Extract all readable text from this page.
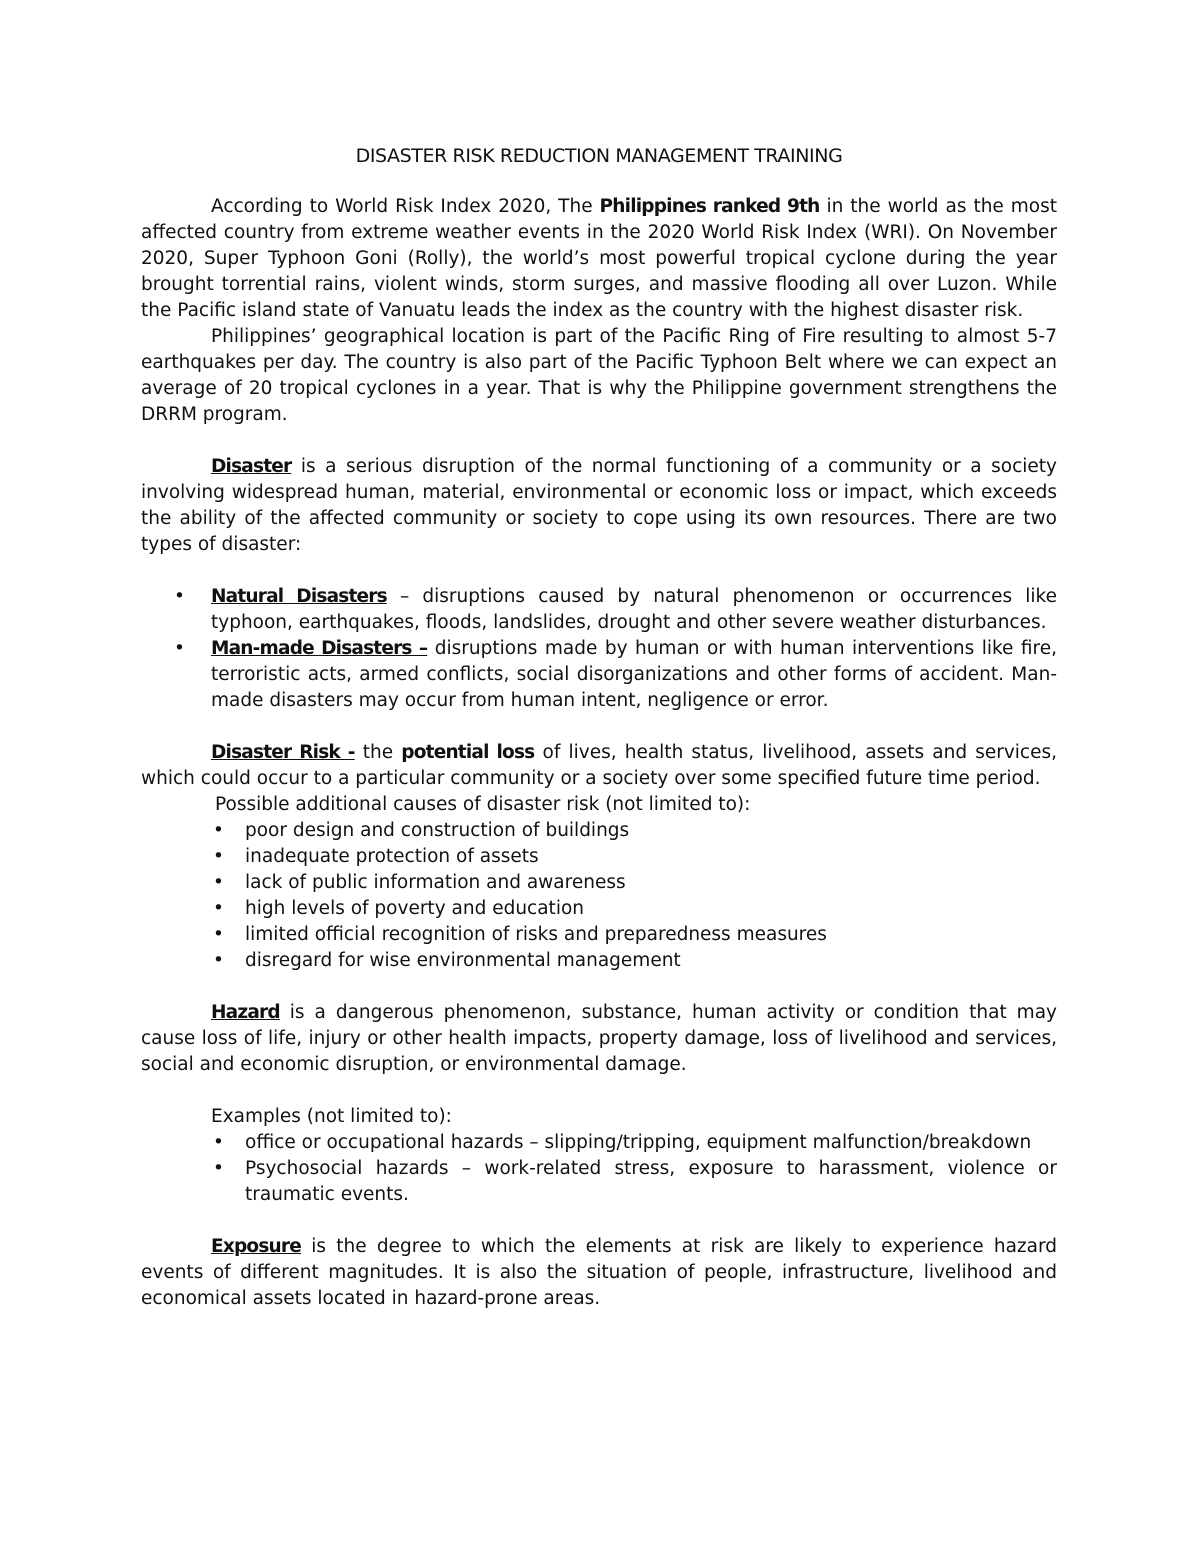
DISASTER RISK REDUCTION MANAGEMENT TRAINING

According to World Risk Index 2020, The Philippines ranked 9th in the world as the most affected country from extreme weather events in the 2020 World Risk Index (WRI). On November 2020, Super Typhoon Goni (Rolly), the world’s most powerful tropical cyclone during the year brought torrential rains, violent winds, storm surges, and massive flooding all over Luzon. While the Pacific island state of Vanuatu leads the index as the country with the highest disaster risk.

Philippines’ geographical location is part of the Pacific Ring of Fire resulting to almost 5-7 earthquakes per day. The country is also part of the Pacific Typhoon Belt where we can expect an average of 20 tropical cyclones in a year. That is why the Philippine government strengthens the DRRM program.

Disaster is a serious disruption of the normal functioning of a community or a society involving widespread human, material, environmental or economic loss or impact, which exceeds the ability of the affected community or society to cope using its own resources. There are two types of disaster:

• Natural Disasters – disruptions caused by natural phenomenon or occurrences like typhoon, earthquakes, floods, landslides, drought and other severe weather disturbances.
• Man-made Disasters – disruptions made by human or with human interventions like fire, terroristic acts, armed conflicts, social disorganizations and other forms of accident. Man-made disasters may occur from human intent, negligence or error.

Disaster Risk - the potential loss of lives, health status, livelihood, assets and services, which could occur to a particular community or a society over some specified future time period.

Possible additional causes of disaster risk (not limited to):
• poor design and construction of buildings
• inadequate protection of assets
• lack of public information and awareness
• high levels of poverty and education
• limited official recognition of risks and preparedness measures
• disregard for wise environmental management

Hazard is a dangerous phenomenon, substance, human activity or condition that may cause loss of life, injury or other health impacts, property damage, loss of livelihood and services, social and economic disruption, or environmental damage.

Examples (not limited to):
• office or occupational hazards – slipping/tripping, equipment malfunction/breakdown
• Psychosocial hazards – work-related stress, exposure to harassment, violence or traumatic events.

Exposure is the degree to which the elements at risk are likely to experience hazard events of different magnitudes. It is also the situation of people, infrastructure, livelihood and economical assets located in hazard-prone areas.
